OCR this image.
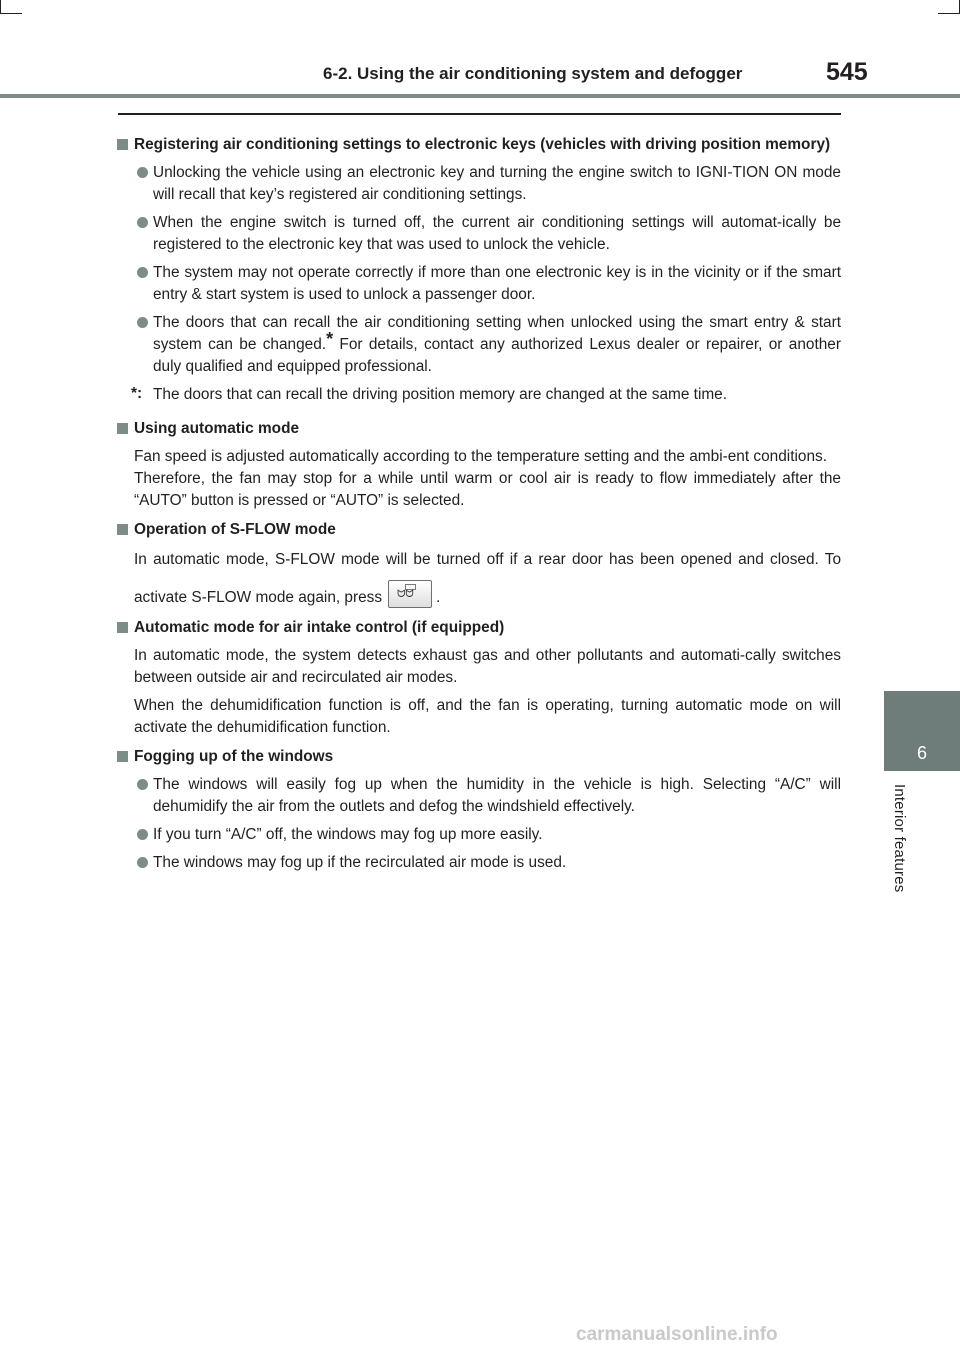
6-2. Using the air conditioning system and defogger	545
6
Interior features
Registering air conditioning settings to electronic keys (vehicles with driving position memory)
Unlocking the vehicle using an electronic key and turning the engine switch to IGNI-TION ON mode will recall that key’s registered air conditioning settings.
When the engine switch is turned off, the current air conditioning settings will automat-ically be registered to the electronic key that was used to unlock the vehicle.
The system may not operate correctly if more than one electronic key is in the vicinity or if the smart entry & start system is used to unlock a passenger door.
The doors that can recall the air conditioning setting when unlocked using the smart entry & start system can be changed.* For details, contact any authorized Lexus dealer or repairer, or another duly qualified and equipped professional.
*: The doors that can recall the driving position memory are changed at the same time.
Using automatic mode
Fan speed is adjusted automatically according to the temperature setting and the ambi-ent conditions.
Therefore, the fan may stop for a while until warm or cool air is ready to flow immediately after the “AUTO” button is pressed or “AUTO” is selected.
Operation of S-FLOW mode
In automatic mode, S-FLOW mode will be turned off if a rear door has been opened and closed. To activate S-FLOW mode again, pressᗢᗢ	.
Automatic mode for air intake control (if equipped)
In automatic mode, the system detects exhaust gas and other pollutants and automati-cally switches between outside air and recirculated air modes.
When the dehumidification function is off, and the fan is operating, turning automatic mode on will activate the dehumidification function.
Fogging up of the windows
The windows will easily fog up when the humidity in the vehicle is high. Selecting “A/C” will dehumidify the air from the outlets and defog the windshield effectively.
If you turn “A/C” off, the windows may fog up more easily.
The windows may fog up if the recirculated air mode is used.
carmanualsonline.info
